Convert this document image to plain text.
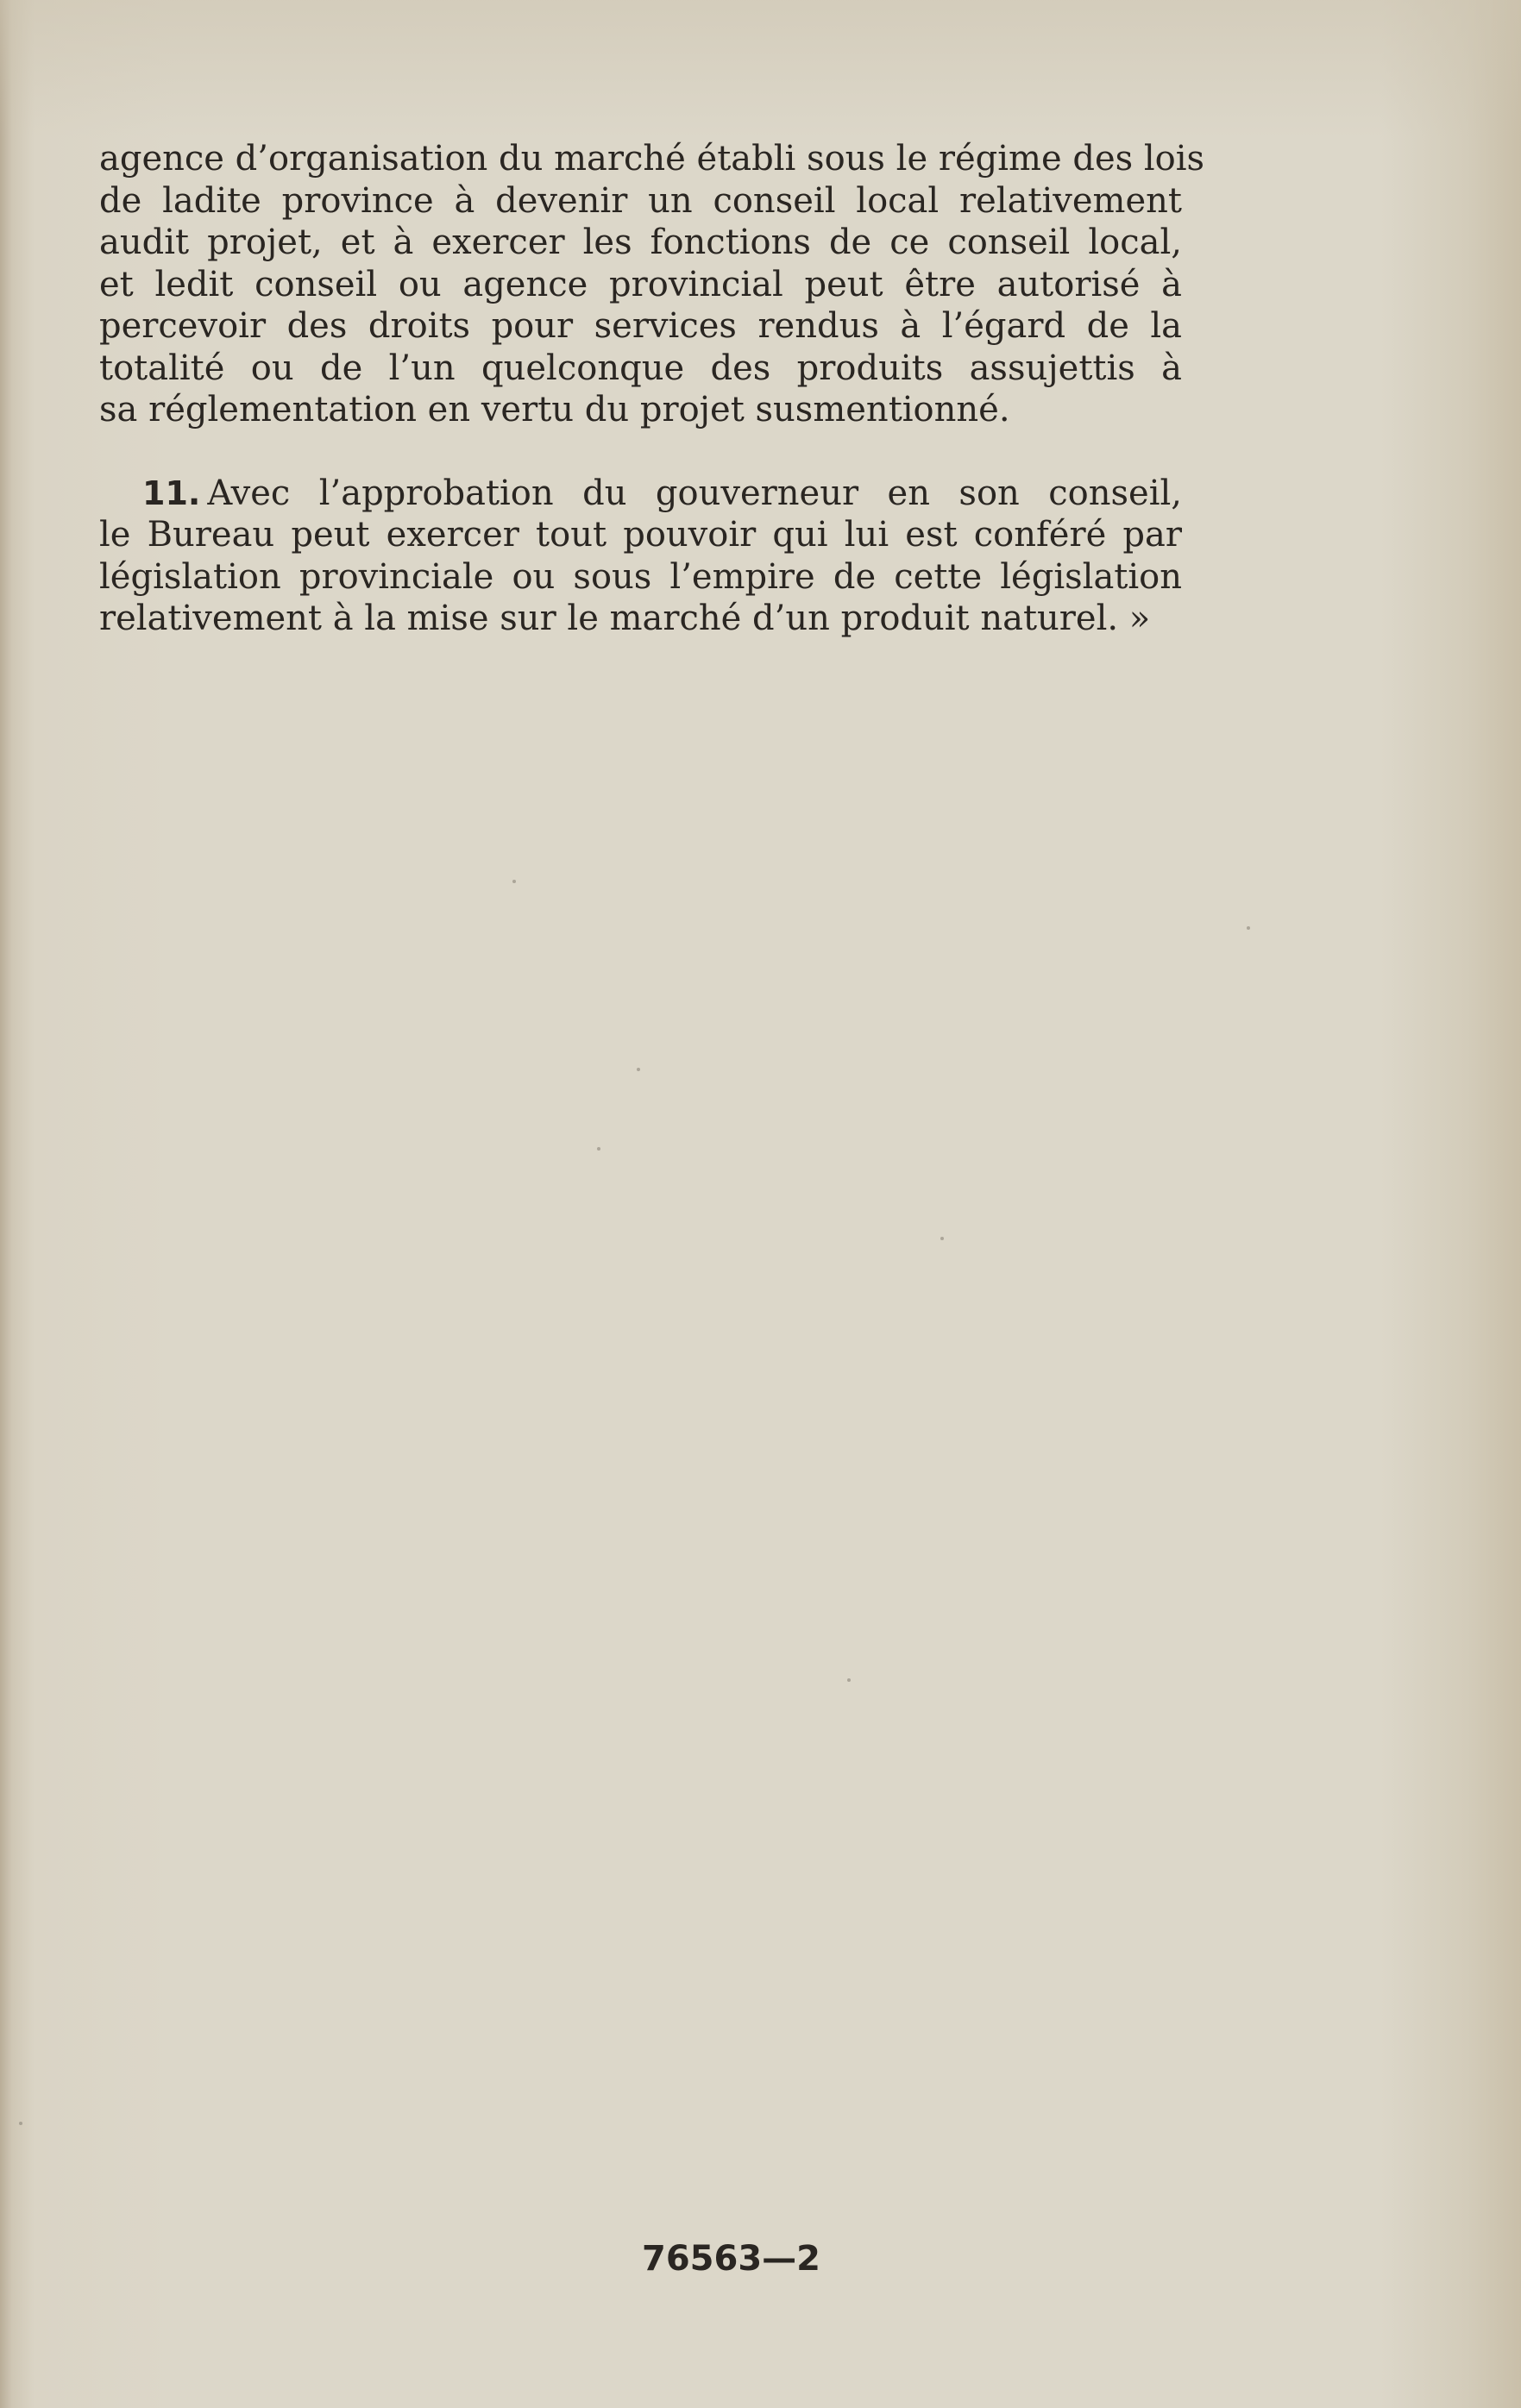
agence d’organisation du marché établi sous le régime des lois
de ladite province à devenir un conseil local relativement
audit projet, et à exercer les fonctions de ce conseil local,
et ledit conseil ou agence provincial peut être autorisé à
percevoir des droits pour services rendus à l’égard de la
totalité ou de l’un quelconque des produits assujettis à
sa réglementation en vertu du projet susmentionné.

11. Avec l’approbation du gouverneur en son conseil,
le Bureau peut exercer tout pouvoir qui lui est conféré par
législation provinciale ou sous l’empire de cette législation
relativement à la mise sur le marché d’un produit naturel. »

76563—2
